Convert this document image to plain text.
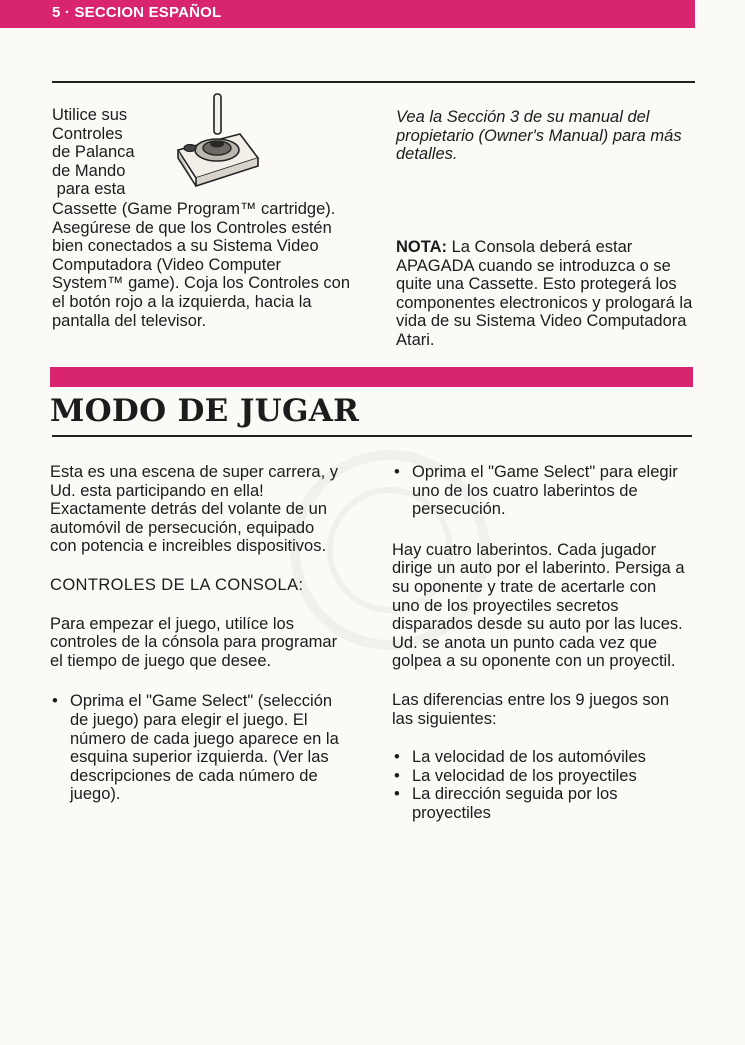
5 · SECCION ESPAÑOL
Utilice sus
Controles
de Palanca
de Mando
para esta

Cassette (Game Program™ cartridge). Asegúrese de que los Controles estén bien conectados a su Sistema Video Computadora (Video Computer System™ game). Coja los Controles con el botón rojo a la izquierda, hacia la pantalla del televisor.

Vea la Sección 3 de su manual del propietario (Owner's Manual) para más detalles.

NOTA: La Consola deberá estar APAGADA cuando se introduzca o se quite una Cassette. Esto protegerá los componentes electronicos y prologará la vida de su Sistema Video Computadora Atari.

MODO DE JUGAR

Esta es una escena de super carrera, y Ud. esta participando en ella! Exactamente detrás del volante de un automóvil de persecución, equipado con potencia e increibles dispositivos.

CONTROLES DE LA CONSOLA:

Para empezar el juego, utilíce los controles de la cónsola para programar el tiempo de juego que desee.

• Oprima el "Game Select" (selección de juego) para elegir el juego. El número de cada juego aparece en la esquina superior izquierda. (Ver las descripciones de cada número de juego).
• Oprima el "Game Select" para elegir uno de los cuatro laberintos de persecución.

Hay cuatro laberintos. Cada jugador dirige un auto por el laberinto. Persiga a su oponente y trate de acertarle con uno de los proyectiles secretos disparados desde su auto por las luces. Ud. se anota un punto cada vez que golpea a su oponente con un proyectil.

Las diferencias entre los 9 juegos son las siguientes:

• La velocidad de los automóviles
• La velocidad de los proyectiles
• La dirección seguida por los proyectiles
